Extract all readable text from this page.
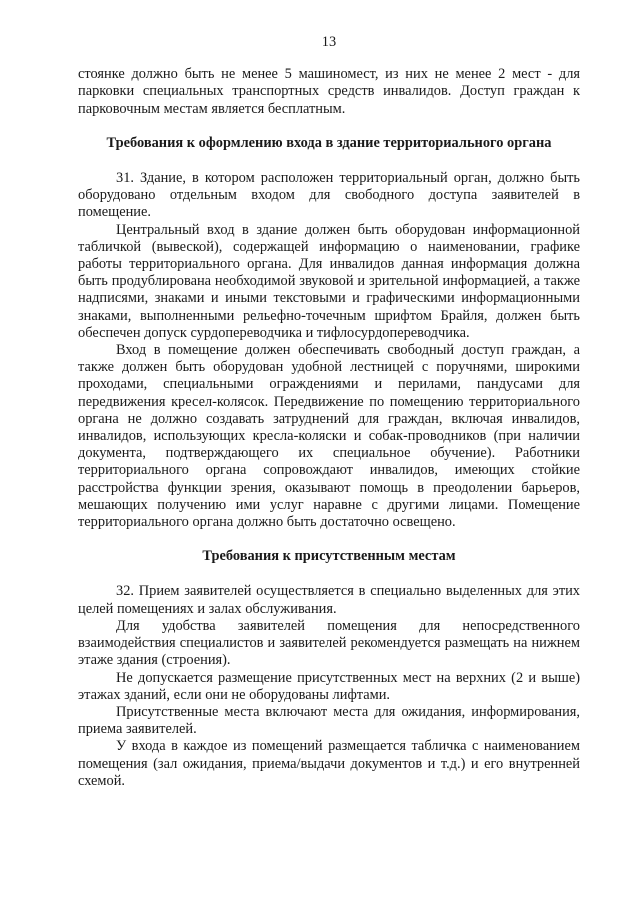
13

стоянке должно быть не менее 5 машиномест, из них не менее 2 мест - для парковки специальных транспортных средств инвалидов. Доступ граждан к парковочным местам является бесплатным.

Требования к оформлению входа в здание территориального органа

31. Здание, в котором расположен территориальный орган, должно быть оборудовано отдельным входом для свободного доступа заявителей в помещение.

Центральный вход в здание должен быть оборудован информационной табличкой (вывеской), содержащей информацию о наименовании, графике работы территориального органа. Для инвалидов данная информация должна быть продублирована необходимой звуковой и зрительной информацией, а также надписями, знаками и иными текстовыми и графическими информационными знаками, выполненными рельефно-точечным шрифтом Брайля, должен быть обеспечен допуск сурдопереводчика и тифлосурдопереводчика.

Вход в помещение должен обеспечивать свободный доступ граждан, а также должен быть оборудован удобной лестницей с поручнями, широкими проходами, специальными ограждениями и перилами, пандусами для передвижения кресел-колясок. Передвижение по помещению территориального органа не должно создавать затруднений для граждан, включая инвалидов, инвалидов, использующих кресла-коляски и собак-проводников (при наличии документа, подтверждающего их специальное обучение). Работники территориального органа сопровождают инвалидов, имеющих стойкие расстройства функции зрения, оказывают помощь в преодолении барьеров, мешающих получению ими услуг наравне с другими лицами. Помещение территориального органа должно быть достаточно освещено.

Требования к присутственным местам

32. Прием заявителей осуществляется в специально выделенных для этих целей помещениях и залах обслуживания.

Для удобства заявителей помещения для непосредственного взаимодействия специалистов и заявителей рекомендуется размещать на нижнем этаже здания (строения).

Не допускается размещение присутственных мест на верхних (2 и выше) этажах зданий, если они не оборудованы лифтами.

Присутственные места включают места для ожидания, информирования, приема заявителей.

У входа в каждое из помещений размещается табличка с наименованием помещения (зал ожидания, приема/выдачи документов и т.д.) и его внутренней схемой.
